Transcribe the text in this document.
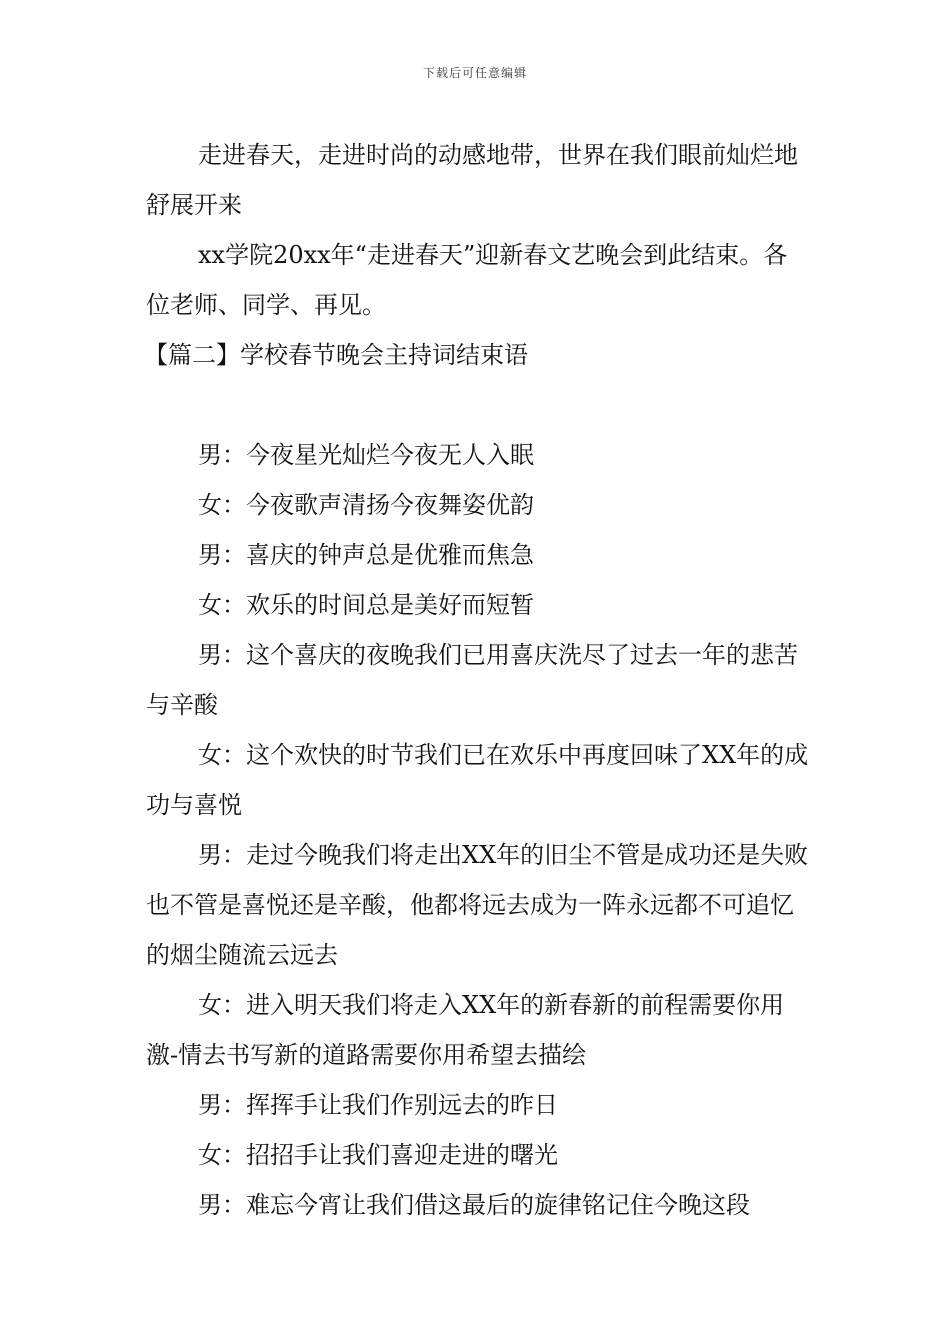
下载后可任意编辑

走进春天，走进时尚的动感地带，世界在我们眼前灿烂地舒展开来

xx学院20xx年“走进春天”迎新春文艺晚会到此结束。各位老师、同学、再见。

【篇二】学校春节晚会主持词结束语

男：今夜星光灿烂今夜无人入眠

女：今夜歌声清扬今夜舞姿优韵

男：喜庆的钟声总是优雅而焦急

女：欢乐的时间总是美好而短暂

男：这个喜庆的夜晚我们已用喜庆洗尽了过去一年的悲苦与辛酸

女：这个欢快的时节我们已在欢乐中再度回味了XX年的成功与喜悦

男：走过今晚我们将走出XX年的旧尘不管是成功还是失败也不管是喜悦还是辛酸，他都将远去成为一阵永远都不可追忆的烟尘随流云远去

女：进入明天我们将走入XX年的新春新的前程需要你用激-情去书写新的道路需要你用希望去描绘

男：挥挥手让我们作别远去的昨日

女：招招手让我们喜迎走进的曙光

男：难忘今宵让我们借这最后的旋律铭记住今晚这段
